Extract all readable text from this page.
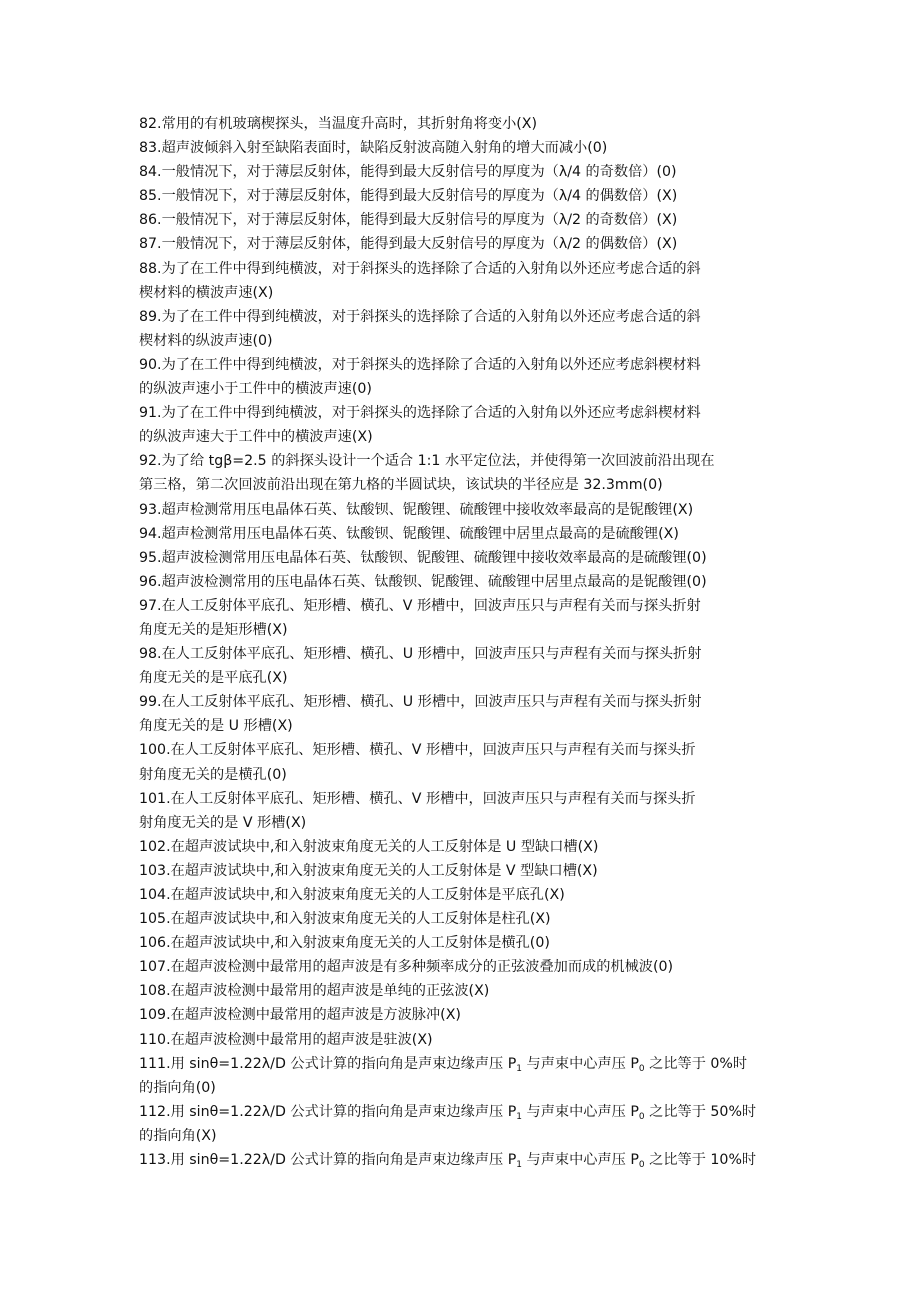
82.常用的有机玻璃楔探头，当温度升高时，其折射角将变小(X)
83.超声波倾斜入射至缺陷表面时，缺陷反射波高随入射角的增大而减小(0)
84.一般情况下，对于薄层反射体，能得到最大反射信号的厚度为（λ/4 的奇数倍）(0)
85.一般情况下，对于薄层反射体，能得到最大反射信号的厚度为（λ/4 的偶数倍）(X)
86.一般情况下，对于薄层反射体，能得到最大反射信号的厚度为（λ/2 的奇数倍）(X)
87.一般情况下，对于薄层反射体，能得到最大反射信号的厚度为（λ/2 的偶数倍）(X)
88.为了在工件中得到纯横波，对于斜探头的选择除了合适的入射角以外还应考虑合适的斜
楔材料的横波声速(X)
89.为了在工件中得到纯横波，对于斜探头的选择除了合适的入射角以外还应考虑合适的斜
楔材料的纵波声速(0)
90.为了在工件中得到纯横波，对于斜探头的选择除了合适的入射角以外还应考虑斜楔材料
的纵波声速小于工件中的横波声速(0)
91.为了在工件中得到纯横波，对于斜探头的选择除了合适的入射角以外还应考虑斜楔材料
的纵波声速大于工件中的横波声速(X)
92.为了给 tgβ=2.5 的斜探头设计一个适合 1:1 水平定位法，并使得第一次回波前沿出现在
第三格，第二次回波前沿出现在第九格的半圆试块，该试块的半径应是 32.3mm(0)
93.超声检测常用压电晶体石英、钛酸钡、铌酸锂、硫酸锂中接收效率最高的是铌酸锂(X)
94.超声检测常用压电晶体石英、钛酸钡、铌酸锂、硫酸锂中居里点最高的是硫酸锂(X)
95.超声波检测常用压电晶体石英、钛酸钡、铌酸锂、硫酸锂中接收效率最高的是硫酸锂(0)
96.超声波检测常用的压电晶体石英、钛酸钡、铌酸锂、硫酸锂中居里点最高的是铌酸锂(0)
97.在人工反射体平底孔、矩形槽、横孔、V 形槽中，回波声压只与声程有关而与探头折射
角度无关的是矩形槽(X)
98.在人工反射体平底孔、矩形槽、横孔、U 形槽中，回波声压只与声程有关而与探头折射
角度无关的是平底孔(X)
99.在人工反射体平底孔、矩形槽、横孔、U 形槽中，回波声压只与声程有关而与探头折射
角度无关的是 U 形槽(X)
100.在人工反射体平底孔、矩形槽、横孔、V 形槽中，回波声压只与声程有关而与探头折
射角度无关的是横孔(0)
101.在人工反射体平底孔、矩形槽、横孔、V 形槽中，回波声压只与声程有关而与探头折
射角度无关的是 V 形槽(X)
102.在超声波试块中,和入射波束角度无关的人工反射体是 U 型缺口槽(X)
103.在超声波试块中,和入射波束角度无关的人工反射体是 V 型缺口槽(X)
104.在超声波试块中,和入射波束角度无关的人工反射体是平底孔(X)
105.在超声波试块中,和入射波束角度无关的人工反射体是柱孔(X)
106.在超声波试块中,和入射波束角度无关的人工反射体是横孔(0)
107.在超声波检测中最常用的超声波是有多种频率成分的正弦波叠加而成的机械波(0)
108.在超声波检测中最常用的超声波是单纯的正弦波(X)
109.在超声波检测中最常用的超声波是方波脉冲(X)
110.在超声波检测中最常用的超声波是驻波(X)
111.用 sinθ=1.22λ/D 公式计算的指向角是声束边缘声压 $P_1$ 与声束中心声压 $P_0$ 之比等于 0%时
的指向角(0)
112.用 sinθ=1.22λ/D 公式计算的指向角是声束边缘声压 $P_1$ 与声束中心声压 $P_0$ 之比等于 50%时
的指向角(X)
113.用 sinθ=1.22λ/D 公式计算的指向角是声束边缘声压 $P_1$ 与声束中心声压 $P_0$ 之比等于 10%时
